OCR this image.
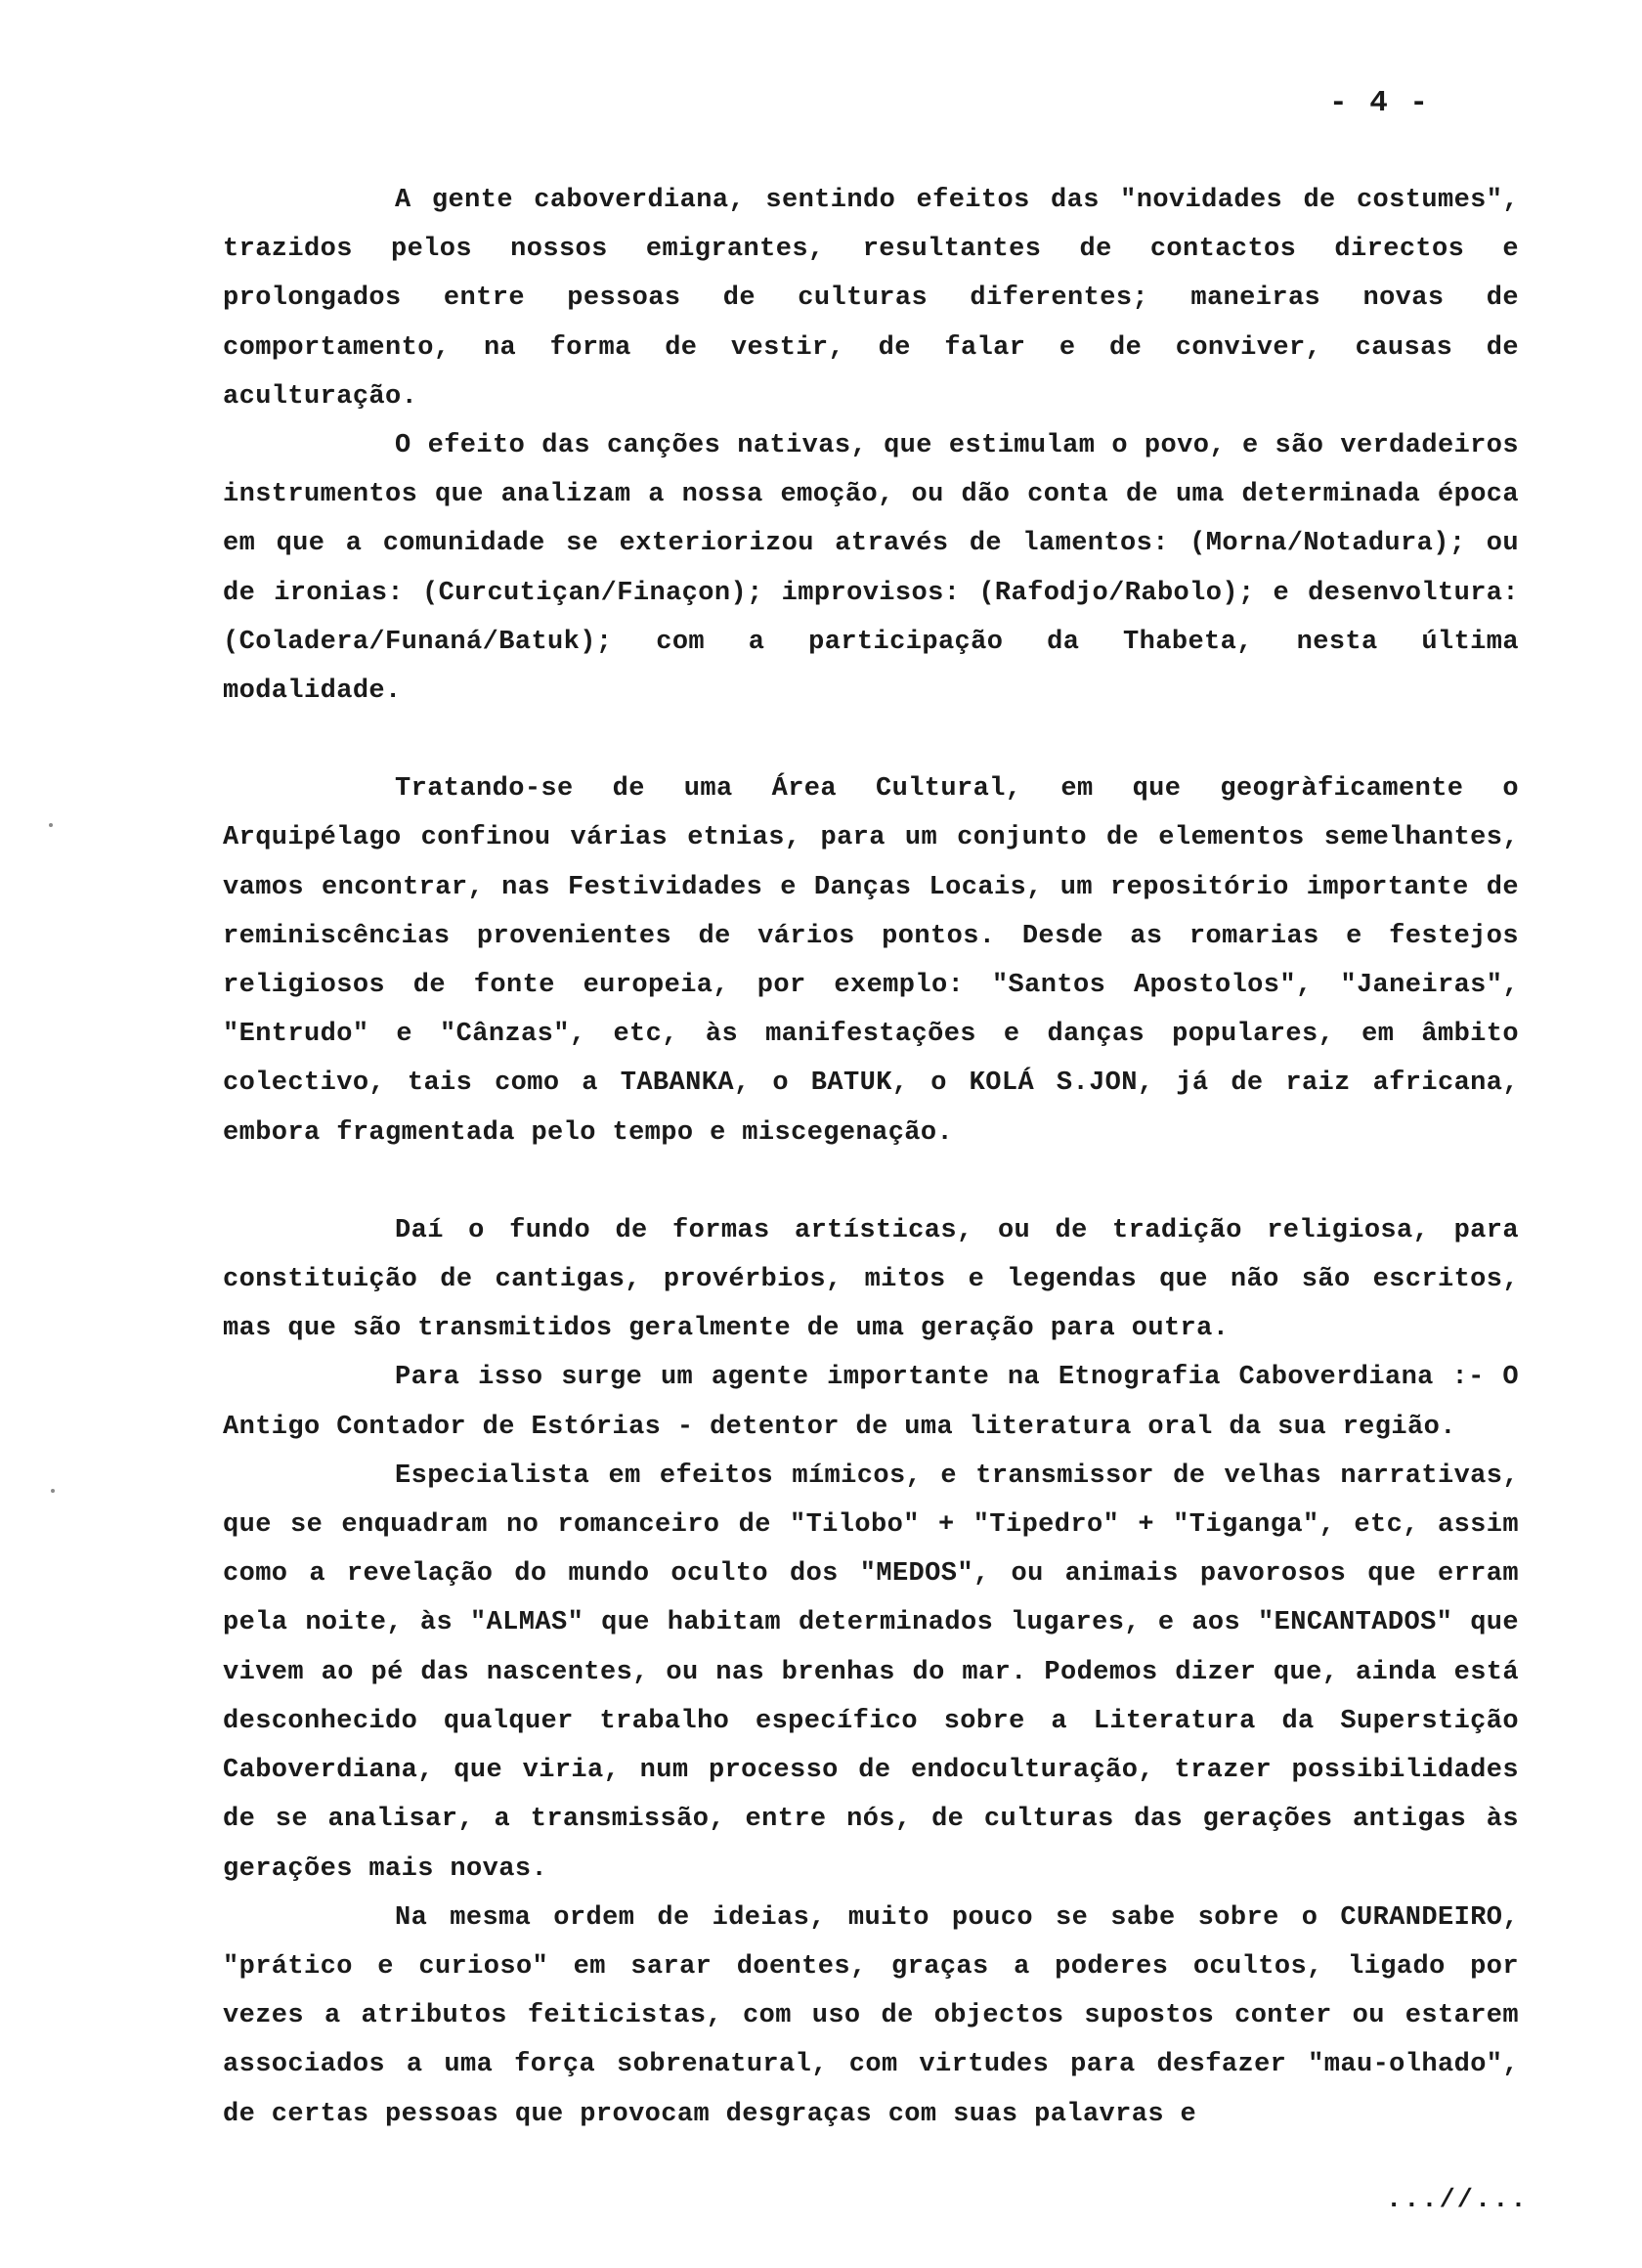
- 4 -

A gente caboverdiana, sentindo efeitos das "novidades de costumes", trazidos pelos nossos emigrantes, resultantes de contactos directos e prolongados entre pessoas de culturas diferentes; maneiras novas de comportamento, na forma de vestir, de falar e de conviver, causas de aculturação.

O efeito das canções nativas, que estimulam o povo, e são verdadeiros instrumentos que analizam a nossa emoção, ou dão conta de uma determinada época em que a comunidade se exteriorizou através de lamentos: (Morna/Notadura); ou de ironias: (Curcutiçan/Finaçon); improvisos: (Rafodjo/Rabolo); e desenvoltura: (Coladera/Funaná/Batuk); com a participação da Thabeta, nesta última modalidade.

Tratando-se de uma Área Cultural, em que geogràficamente o Arquipélago confinou várias etnias, para um conjunto de elementos semelhantes, vamos encontrar, nas Festividades e Danças Locais, um repositório importante de reminiscências provenientes de vários pontos. Desde as romarias e festejos religiosos de fonte europeia, por exemplo: "Santos Apostolos", "Janeiras", "Entrudo" e "Cânzas", etc, às manifestações e danças populares, em âmbito colectivo, tais como a TABANKA, o BATUK, o KOLÁ S.JON, já de raiz africana, embora fragmentada pelo tempo e miscegenação.

Daí o fundo de formas artísticas, ou de tradição religiosa, para constituição de cantigas, provérbios, mitos e legendas que não são escritos, mas que são transmitidos geralmente de uma geração para outra.

Para isso surge um agente importante na Etnografia Caboverdiana :- O Antigo Contador de Estórias - detentor de uma literatura oral da sua região.

Especialista em efeitos mímicos, e transmissor de velhas narrativas, que se enquadram no romanceiro de "Tilobo" + "Tipedro" + "Tiganga", etc, assim como a revelação do mundo oculto dos "MEDOS", ou animais pavorosos que erram pela noite, às "ALMAS" que habitam determinados lugares, e aos "ENCANTADOS" que vivem ao pé das nascentes, ou nas brenhas do mar. Podemos dizer que, ainda está desconhecido qualquer trabalho específico sobre a Literatura da Superstição Caboverdiana, que viria, num processo de endoculturação, trazer possibilidades de se analisar, a transmissão, entre nós, de culturas das gerações antigas às gerações mais novas.

Na mesma ordem de ideias, muito pouco se sabe sobre o CURANDEIRO, "prático e curioso" em sarar doentes, graças a poderes ocultos, ligado por vezes a atributos feiticistas, com uso de objectos supostos conter ou estarem associados a uma força sobrenatural, com virtudes para desfazer "mau-olhado", de certas pessoas que provocam desgraças com suas palavras e

...//...
